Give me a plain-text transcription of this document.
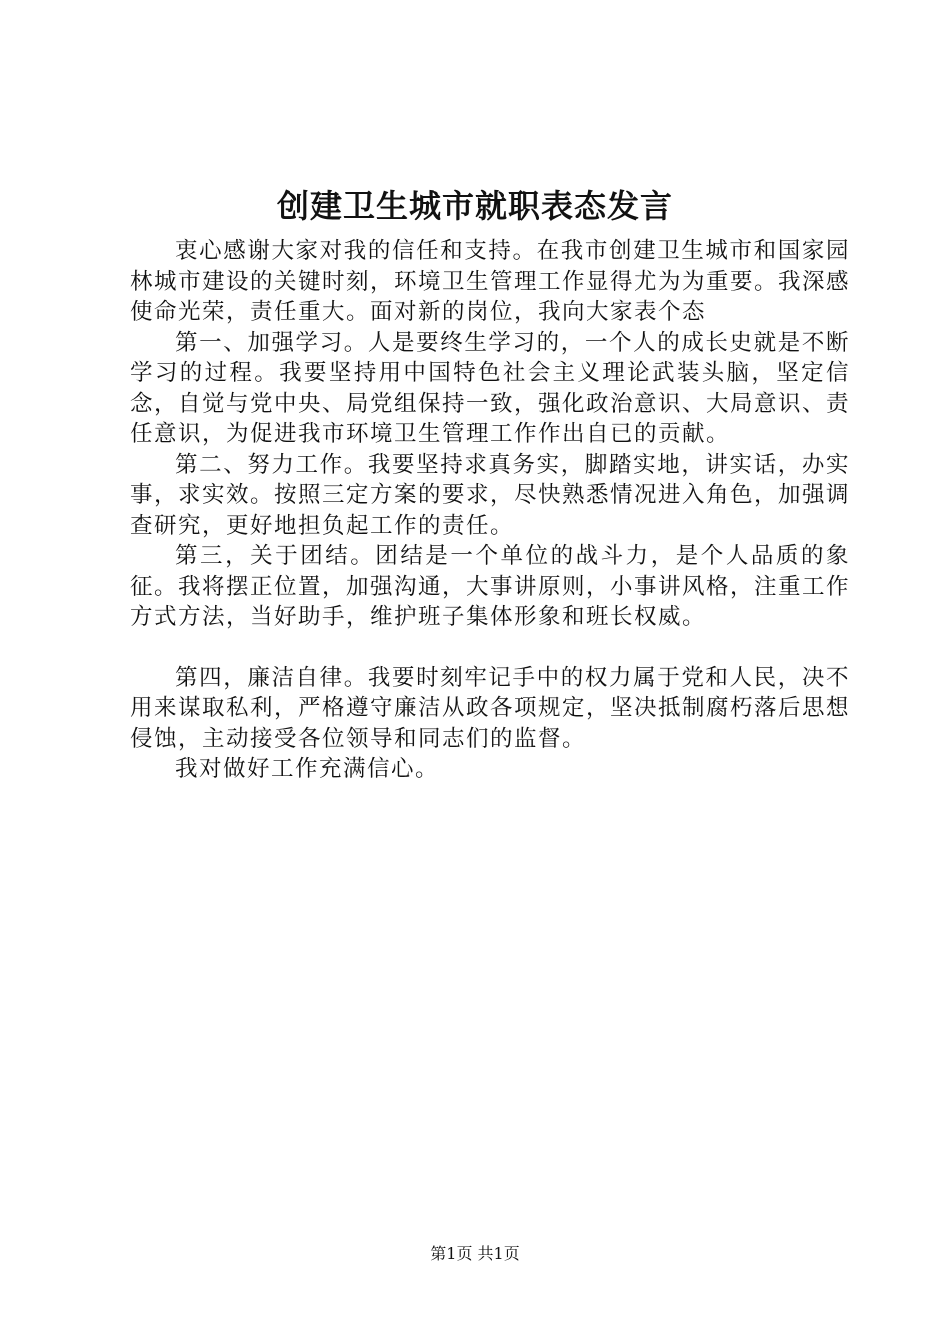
创建卫生城市就职表态发言

衷心感谢大家对我的信任和支持。在我市创建卫生城市和国家园林城市建设的关键时刻，环境卫生管理工作显得尤为为重要。我深感使命光荣，责任重大。面对新的岗位，我向大家表个态

第一、加强学习。人是要终生学习的，一个人的成长史就是不断学习的过程。我要坚持用中国特色社会主义理论武装头脑，坚定信念，自觉与党中央、局党组保持一致，强化政治意识、大局意识、责任意识，为促进我市环境卫生管理工作作出自已的贡献。

第二、努力工作。我要坚持求真务实，脚踏实地，讲实话，办实事，求实效。按照三定方案的要求，尽快熟悉情况进入角色，加强调查研究，更好地担负起工作的责任。

第三，关于团结。团结是一个单位的战斗力，是个人品质的象征。我将摆正位置，加强沟通，大事讲原则，小事讲风格，注重工作方式方法，当好助手，维护班子集体形象和班长权威。

第四，廉洁自律。我要时刻牢记手中的权力属于党和人民，决不用来谋取私利，严格遵守廉洁从政各项规定，坚决抵制腐朽落后思想侵蚀，主动接受各位领导和同志们的监督。

我对做好工作充满信心。

第1页 共1页
